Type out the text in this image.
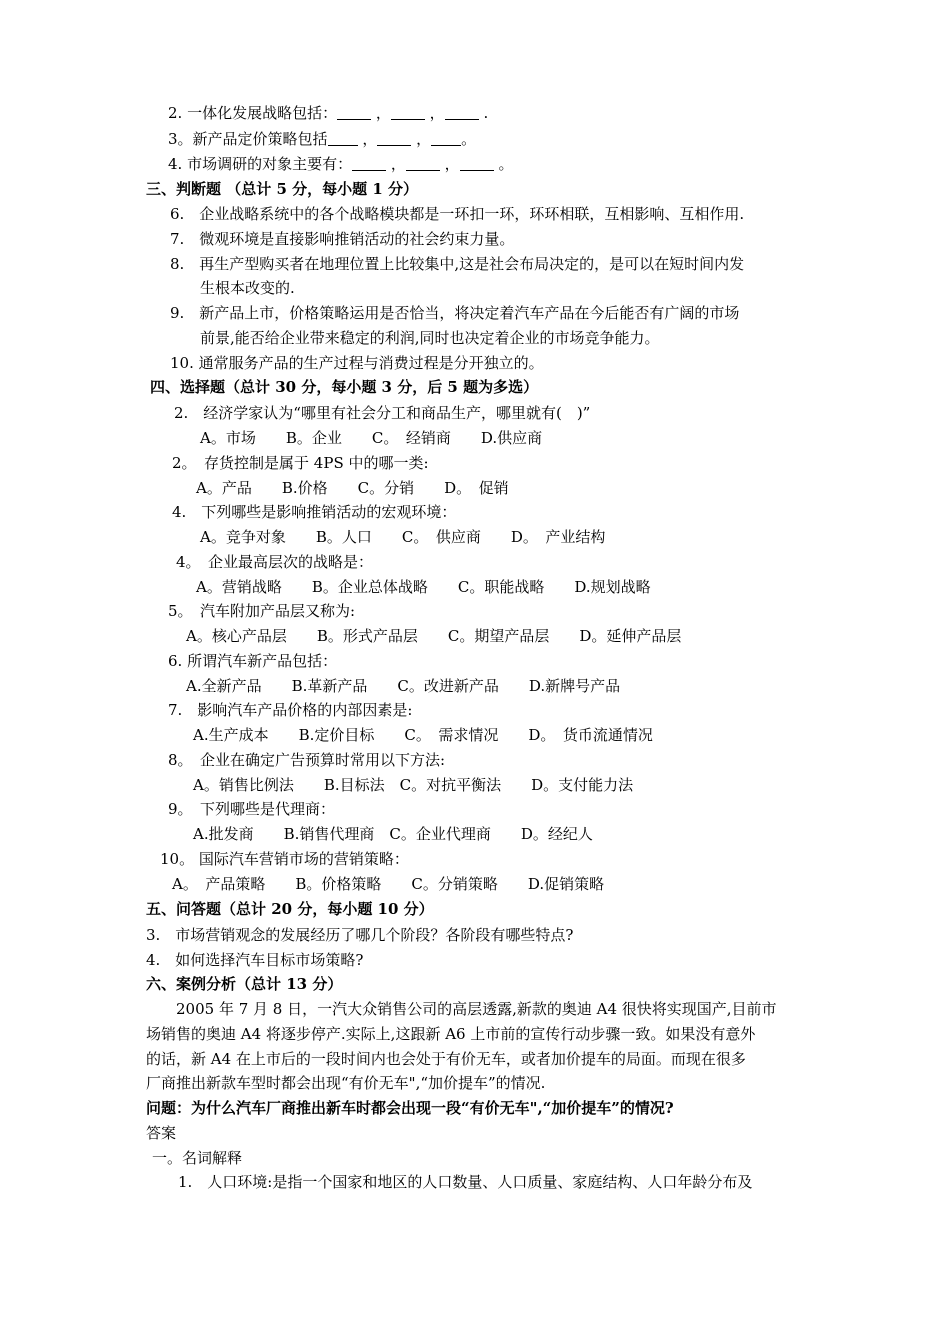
2. 一体化发展战略包括：	，	，	.
3。新产品定价策略包括 ，	， 。
4. 市场调研的对象主要有：	，	，	。
三、判断题 （总计 5 分，每小题 1 分）
6.　企业战略系统中的各个战略模块都是一环扣一环，环环相联，互相影响、互相作用.
7.　微观环境是直接影响推销活动的社会约束力量。
8.　再生产型购买者在地理位置上比较集中,这是社会布局决定的，是可以在短时间内发
生根本改变的.
9.　新产品上市，价格策略运用是否恰当，将决定着汽车产品在今后能否有广阔的市场
前景,能否给企业带来稳定的利润,同时也决定着企业的市场竞争能力。
10. 通常服务产品的生产过程与消费过程是分开独立的。
四、选择题（总计 30 分，每小题 3 分，后 5 题为多选）
2.　经济学家认为“哪里有社会分工和商品生产，哪里就有(　)”
A。市场　　B。企业　　C。　经销商　　D.供应商
2。　存货控制是属于 4PS 中的哪一类:
A。产品　　B.价格　　C。分销　　D。　促销
4.　下列哪些是影响推销活动的宏观环境：
A。竞争对象　　B。人口　　C。　供应商　　D。　产业结构
4。　企业最高层次的战略是：
A。营销战略　　B。企业总体战略　　C。职能战略　　D.规划战略
5。　汽车附加产品层又称为:
A。核心产品层　　B。形式产品层　　C。期望产品层　　D。延伸产品层
6. 所谓汽车新产品包括：
A.全新产品　　B.革新产品　　C。改进新产品　　D.新牌号产品
7.　影响汽车产品价格的内部因素是:
A.生产成本　　B.定价目标　　C。　需求情况　　D。　货币流通情况
8。　企业在确定广告预算时常用以下方法:
A。销售比例法　　B.目标法　C。对抗平衡法　　D。支付能力法
9。　下列哪些是代理商：
A.批发商　　B.销售代理商　C。企业代理商　　D。经纪人
10。 国际汽车营销市场的营销策略：
A。　产品策略　　B。价格策略　　C。分销策略　　D.促销策略
五、问答题（总计 20 分，每小题 10 分）
3.　市场营销观念的发展经历了哪几个阶段？各阶段有哪些特点?
4.　如何选择汽车目标市场策略?
六、案例分析（总计 13 分）
2005 年 7 月 8 日，一汽大众销售公司的高层透露,新款的奥迪 A4 很快将实现国产,目前市
场销售的奥迪 A4 将逐步停产.实际上,这跟新 A6 上市前的宣传行动步骤一致。如果没有意外
的话，新 A4 在上市后的一段时间内也会处于有价无车，或者加价提车的局面。而现在很多
厂商推出新款车型时都会出现“有价无车",“加价提车”的情况.
问题：为什么汽车厂商推出新车时都会出现一段“有价无车",“加价提车”的情况?
答案
一。名词解释
1.　人口环境:是指一个国家和地区的人口数量、人口质量、家庭结构、人口年龄分布及
